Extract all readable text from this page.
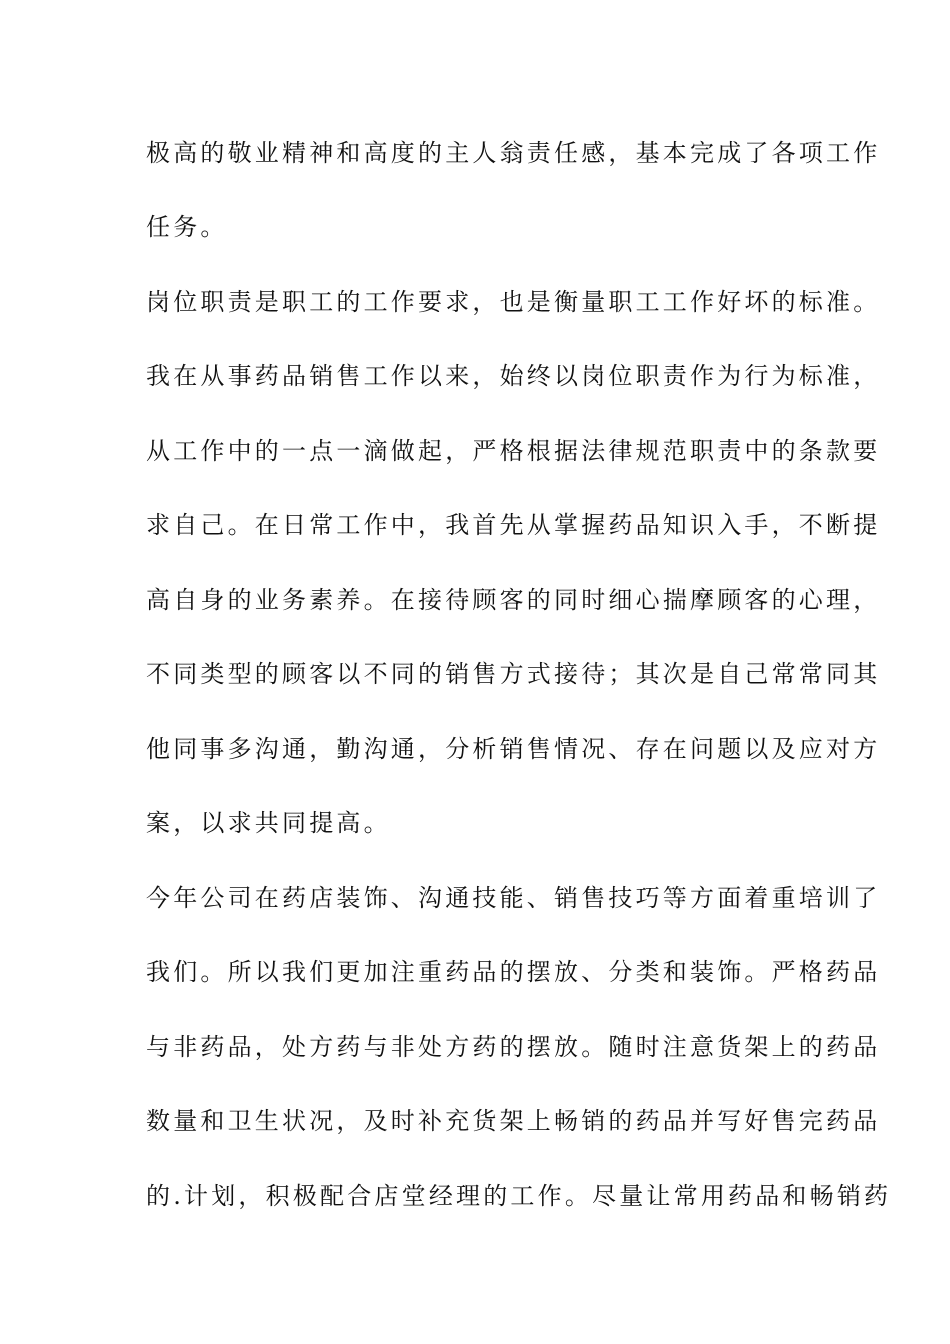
极高的敬业精神和高度的主人翁责任感，基本完成了各项工作
任务。
岗位职责是职工的工作要求，也是衡量职工工作好坏的标准。
我在从事药品销售工作以来，始终以岗位职责作为行为标准，
从工作中的一点一滴做起，严格根据法律规范职责中的条款要
求自己。在日常工作中，我首先从掌握药品知识入手，不断提
高自身的业务素养。在接待顾客的同时细心揣摩顾客的心理，
不同类型的顾客以不同的销售方式接待；其次是自己常常同其
他同事多沟通，勤沟通，分析销售情况、存在问题以及应对方
案，以求共同提高。
今年公司在药店装饰、沟通技能、销售技巧等方面着重培训了
我们。所以我们更加注重药品的摆放、分类和装饰。严格药品
与非药品，处方药与非处方药的摆放。随时注意货架上的药品
数量和卫生状况，及时补充货架上畅销的药品并写好售完药品
的.计划，积极配合店堂经理的工作。尽量让常用药品和畅销药
